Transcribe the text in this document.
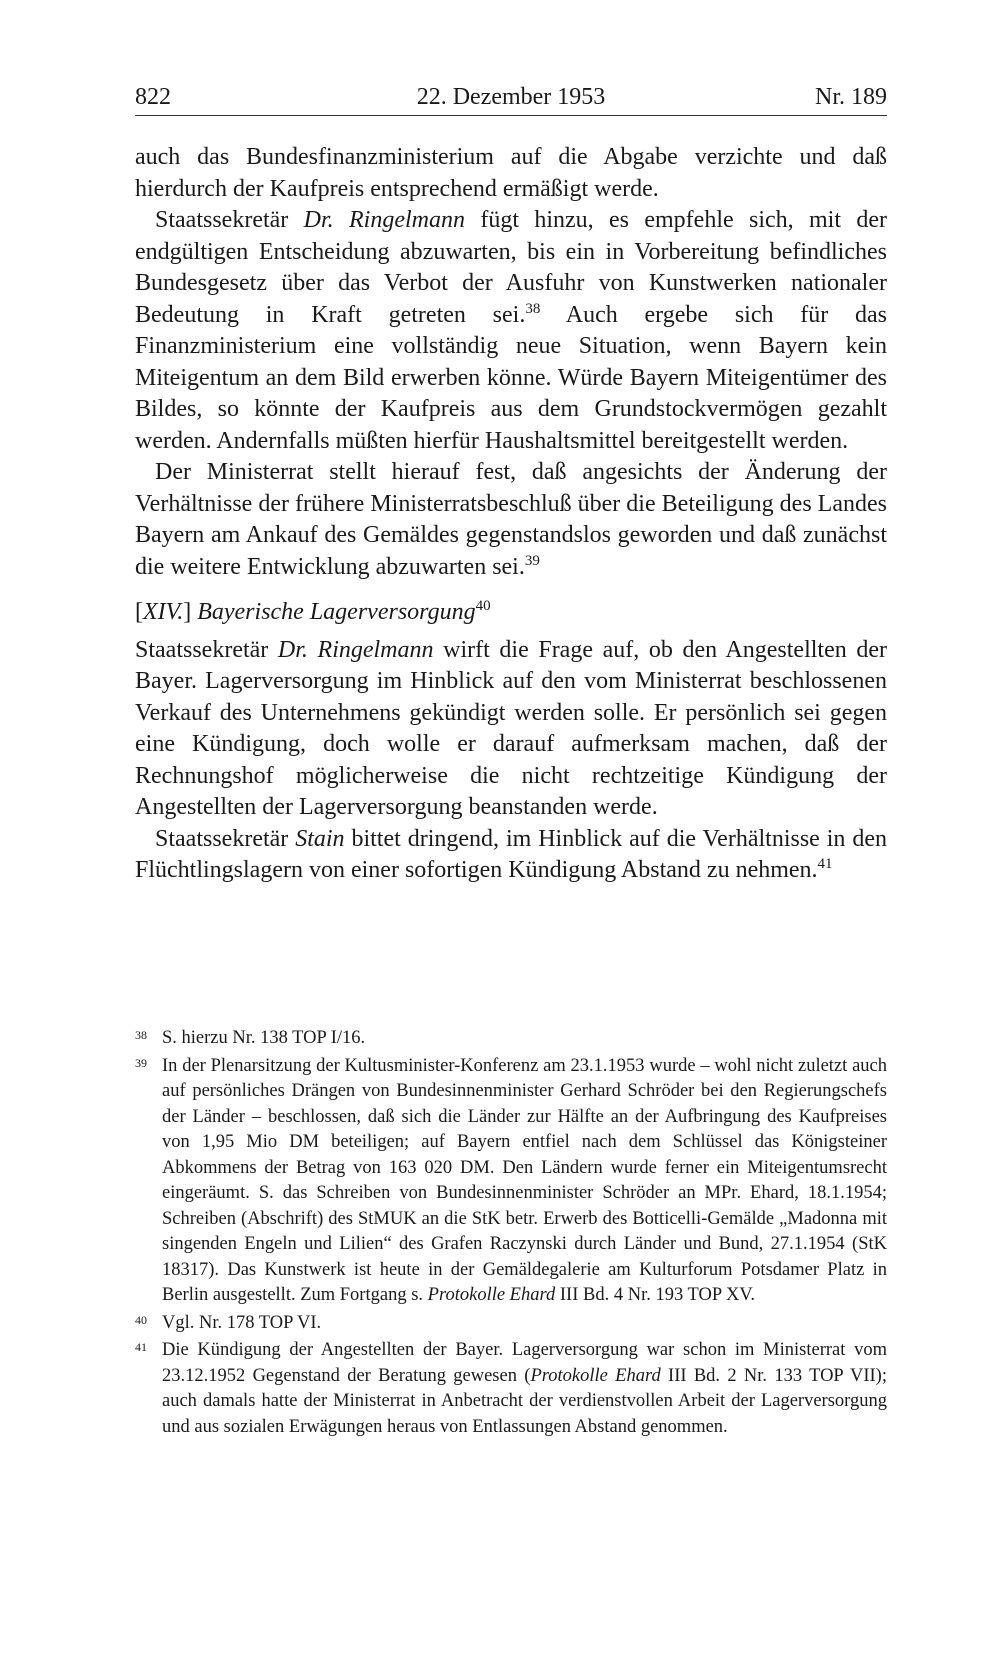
822	22. Dezember 1953	Nr. 189

auch das Bundesfinanzministerium auf die Abgabe verzichte und daß hierdurch der Kaufpreis entsprechend ermäßigt werde.

Staatssekretär Dr. Ringelmann fügt hinzu, es empfehle sich, mit der endgültigen Entscheidung abzuwarten, bis ein in Vorbereitung befindliches Bundesgesetz über das Verbot der Ausfuhr von Kunstwerken nationaler Bedeutung in Kraft getreten sei.$^{38}$ Auch ergebe sich für das Finanzministerium eine vollständig neue Situation, wenn Bayern kein Miteigentum an dem Bild erwerben könne. Würde Bayern Miteigentümer des Bildes, so könnte der Kaufpreis aus dem Grundstockvermögen gezahlt werden. Andernfalls müßten hierfür Haushaltsmittel bereitgestellt werden.

Der Ministerrat stellt hierauf fest, daß angesichts der Änderung der Verhältnisse der frühere Ministerratsbeschluß über die Beteiligung des Landes Bayern am Ankauf des Gemäldes gegenstandslos geworden und daß zunächst die weitere Entwicklung abzuwarten sei.$^{39}$

[XIV.] Bayerische Lagerversorgung$^{40}$

Staatssekretär Dr. Ringelmann wirft die Frage auf, ob den Angestellten der Bayer. Lagerversorgung im Hinblick auf den vom Ministerrat beschlossenen Verkauf des Unternehmens gekündigt werden solle. Er persönlich sei gegen eine Kündigung, doch wolle er darauf aufmerksam machen, daß der Rechnungshof möglicherweise die nicht rechtzeitige Kündigung der Angestellten der Lagerversorgung beanstanden werde.

Staatssekretär Stain bittet dringend, im Hinblick auf die Verhältnisse in den Flüchtlingslagern von einer sofortigen Kündigung Abstand zu nehmen.$^{41}$

38 S. hierzu Nr. 138 TOP I/16.
39 In der Plenarsitzung der Kultusminister-Konferenz am 23.1.1953 wurde – wohl nicht zuletzt auch auf persönliches Drängen von Bundesinnenminister Gerhard Schröder bei den Regierungschefs der Länder – beschlossen, daß sich die Länder zur Hälfte an der Aufbringung des Kaufpreises von 1,95 Mio DM beteiligen; auf Bayern entfiel nach dem Schlüssel das Königsteiner Abkommens der Betrag von 163 020 DM. Den Ländern wurde ferner ein Miteigentumsrecht eingeräumt. S. das Schreiben von Bundesinnenminister Schröder an MPr. Ehard, 18.1.1954; Schreiben (Abschrift) des StMUK an die StK betr. Erwerb des Botticelli-Gemälde „Madonna mit singenden Engeln und Lilien“ des Grafen Raczynski durch Länder und Bund, 27.1.1954 (StK 18317). Das Kunstwerk ist heute in der Gemäldegalerie am Kulturforum Potsdamer Platz in Berlin ausgestellt. Zum Fortgang s. Protokolle Ehard III Bd. 4 Nr. 193 TOP XV.
40 Vgl. Nr. 178 TOP VI.
41 Die Kündigung der Angestellten der Bayer. Lagerversorgung war schon im Ministerrat vom 23.12.1952 Gegenstand der Beratung gewesen (Protokolle Ehard III Bd. 2 Nr. 133 TOP VII); auch damals hatte der Ministerrat in Anbetracht der verdienstvollen Arbeit der Lagerversorgung und aus sozialen Erwägungen heraus von Entlassungen Abstand genommen.
